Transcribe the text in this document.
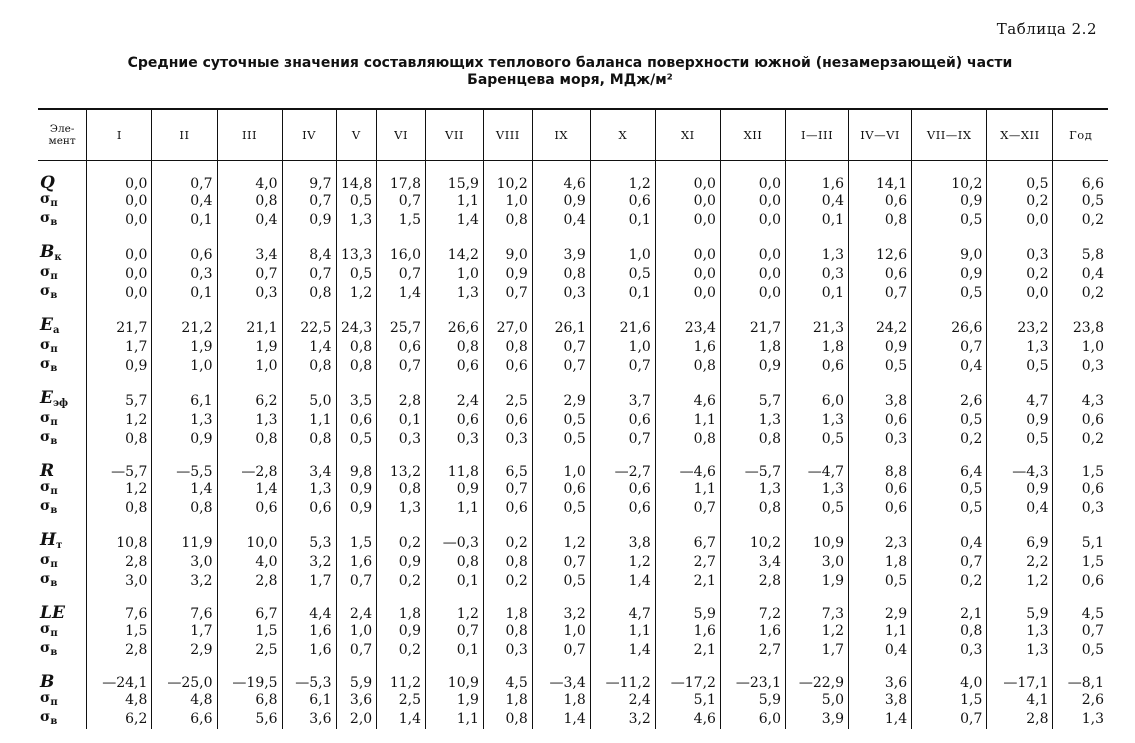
Таблица 2.2
Средние суточные значения составляющих теплового баланса поверхности южной (незамерзающей) части
Баренцева моря, МДж/м²
Эле-
мент	I	II	III	IV	V	VI	VII	VIII	IX	X	XI	XII	I—III	IV—VI	VII—IX	X—XII	Год

Q	0,0	0,7	4,0	9,7	14,8	17,8	15,9	10,2	4,6	1,2	0,0	0,0	1,6	14,1	10,2	0,5	6,6
$\sigma_п$	0,0	0,4	0,8	0,7	0,5	0,7	1,1	1,0	0,9	0,6	0,0	0,0	0,4	0,6	0,9	0,2	0,5
$\sigma_в$	0,0	0,1	0,4	0,9	1,3	1,5	1,4	0,8	0,4	0,1	0,0	0,0	0,1	0,8	0,5	0,0	0,2

$B_к$	0,0	0,6	3,4	8,4	13,3	16,0	14,2	9,0	3,9	1,0	0,0	0,0	1,3	12,6	9,0	0,3	5,8
$\sigma_п$	0,0	0,3	0,7	0,7	0,5	0,7	1,0	0,9	0,8	0,5	0,0	0,0	0,3	0,6	0,9	0,2	0,4
$\sigma_в$	0,0	0,1	0,3	0,8	1,2	1,4	1,3	0,7	0,3	0,1	0,0	0,0	0,1	0,7	0,5	0,0	0,2

$E_a$	21,7	21,2	21,1	22,5	24,3	25,7	26,6	27,0	26,1	21,6	23,4	21,7	21,3	24,2	26,6	23,2	23,8
$\sigma_п$	1,7	1,9	1,9	1,4	0,8	0,6	0,8	0,8	0,7	1,0	1,6	1,8	1,8	0,9	0,7	1,3	1,0
$\sigma_в$	0,9	1,0	1,0	0,8	0,8	0,7	0,6	0,6	0,7	0,7	0,8	0,9	0,6	0,5	0,4	0,5	0,3

$E_{эф}$	5,7	6,1	6,2	5,0	3,5	2,8	2,4	2,5	2,9	3,7	4,6	5,7	6,0	3,8	2,6	4,7	4,3
$\sigma_п$	1,2	1,3	1,3	1,1	0,6	0,1	0,6	0,6	0,5	0,6	1,1	1,3	1,3	0,6	0,5	0,9	0,6
$\sigma_в$	0,8	0,9	0,8	0,8	0,5	0,3	0,3	0,3	0,5	0,7	0,8	0,8	0,5	0,3	0,2	0,5	0,2

R	—5,7	—5,5	—2,8	3,4	9,8	13,2	11,8	6,5	1,0	—2,7	—4,6	—5,7	—4,7	8,8	6,4	—4,3	1,5
$\sigma_п$	1,2	1,4	1,4	1,3	0,9	0,8	0,9	0,7	0,6	0,6	1,1	1,3	1,3	0,6	0,5	0,9	0,6
$\sigma_в$	0,8	0,8	0,6	0,6	0,9	1,3	1,1	0,6	0,5	0,6	0,7	0,8	0,5	0,6	0,5	0,4	0,3

$H_т$	10,8	11,9	10,0	5,3	1,5	0,2	—0,3	0,2	1,2	3,8	6,7	10,2	10,9	2,3	0,4	6,9	5,1
$\sigma_п$	2,8	3,0	4,0	3,2	1,6	0,9	0,8	0,8	0,7	1,2	2,7	3,4	3,0	1,8	0,7	2,2	1,5
$\sigma_в$	3,0	3,2	2,8	1,7	0,7	0,2	0,1	0,2	0,5	1,4	2,1	2,8	1,9	0,5	0,2	1,2	0,6

LE	7,6	7,6	6,7	4,4	2,4	1,8	1,2	1,8	3,2	4,7	5,9	7,2	7,3	2,9	2,1	5,9	4,5
$\sigma_п$	1,5	1,7	1,5	1,6	1,0	0,9	0,7	0,8	1,0	1,1	1,6	1,6	1,2	1,1	0,8	1,3	0,7
$\sigma_в$	2,8	2,9	2,5	1,6	0,7	0,2	0,1	0,3	0,7	1,4	2,1	2,7	1,7	0,4	0,3	1,3	0,5

B	—24,1	—25,0	—19,5	—5,3	5,9	11,2	10,9	4,5	—3,4	—11,2	—17,2	—23,1	—22,9	3,6	4,0	—17,1	—8,1
$\sigma_п$	4,8	4,8	6,8	6,1	3,6	2,5	1,9	1,8	1,8	2,4	5,1	5,9	5,0	3,8	1,5	4,1	2,6
$\sigma_в$	6,2	6,6	5,6	3,6	2,0	1,4	1,1	0,8	1,4	3,2	4,6	6,0	3,9	1,4	0,7	2,8	1,3
